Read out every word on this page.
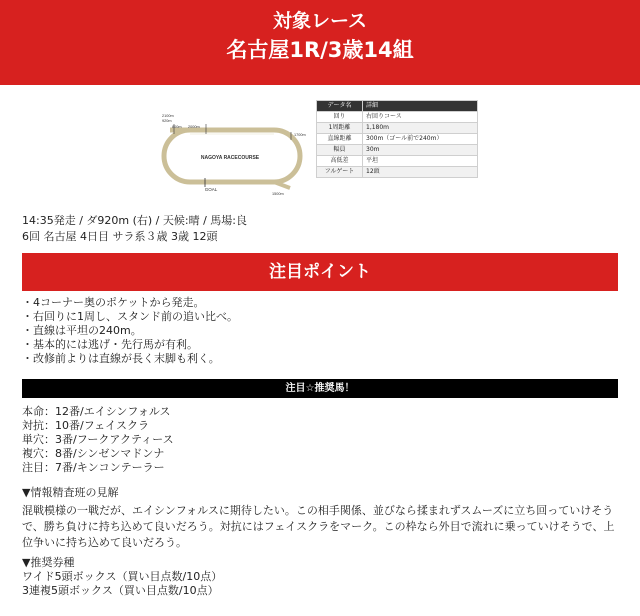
対象レース
名古屋1R/3歳14組
NAGOYA RACECOURSE
GOAL
2100m
920m
800m 2000m
1700m
1500m
データ名	詳細
回り	右回りコース
1周距離	1,180m
直線距離	300m（ゴール前で240m）
幅員	30m
高低差	平坦
フルゲート	12頭
14:35発走 / ダ920m (右) / 天候:晴 / 馬場:良
6回 名古屋 4日目 サラ系３歳 3歳 12頭
注目ポイント
・4コーナー奥のポケットから発走。
・右回りに1周し、スタンド前の追い比べ。
・直線は平坦の240m。
・基本的には逃げ・先行馬が有利。
・改修前よりは直線が長く末脚も利く。
注目☆推奨馬！
本命：12番/エイシンフォルス
対抗：10番/フェイスクラ
単穴：3番/フークアクティース
複穴：8番/シンゼンマドンナ
注目：7番/キンコンテーラー
▼情報精査班の見解
混戦模様の一戦だが、エイシンフォルスに期待したい。この相手関係、並びなら揉まれずスムーズに立ち回っていけそうで、勝ち負けに持ち込めて良いだろう。対抗にはフェイスクラをマーク。この枠なら外目で流れに乗っていけそうで、上位争いに持ち込めて良いだろう。
▼推奨券種
ワイド5頭ボックス（買い目点数/10点）
3連複5頭ボックス（買い目点数/10点）
